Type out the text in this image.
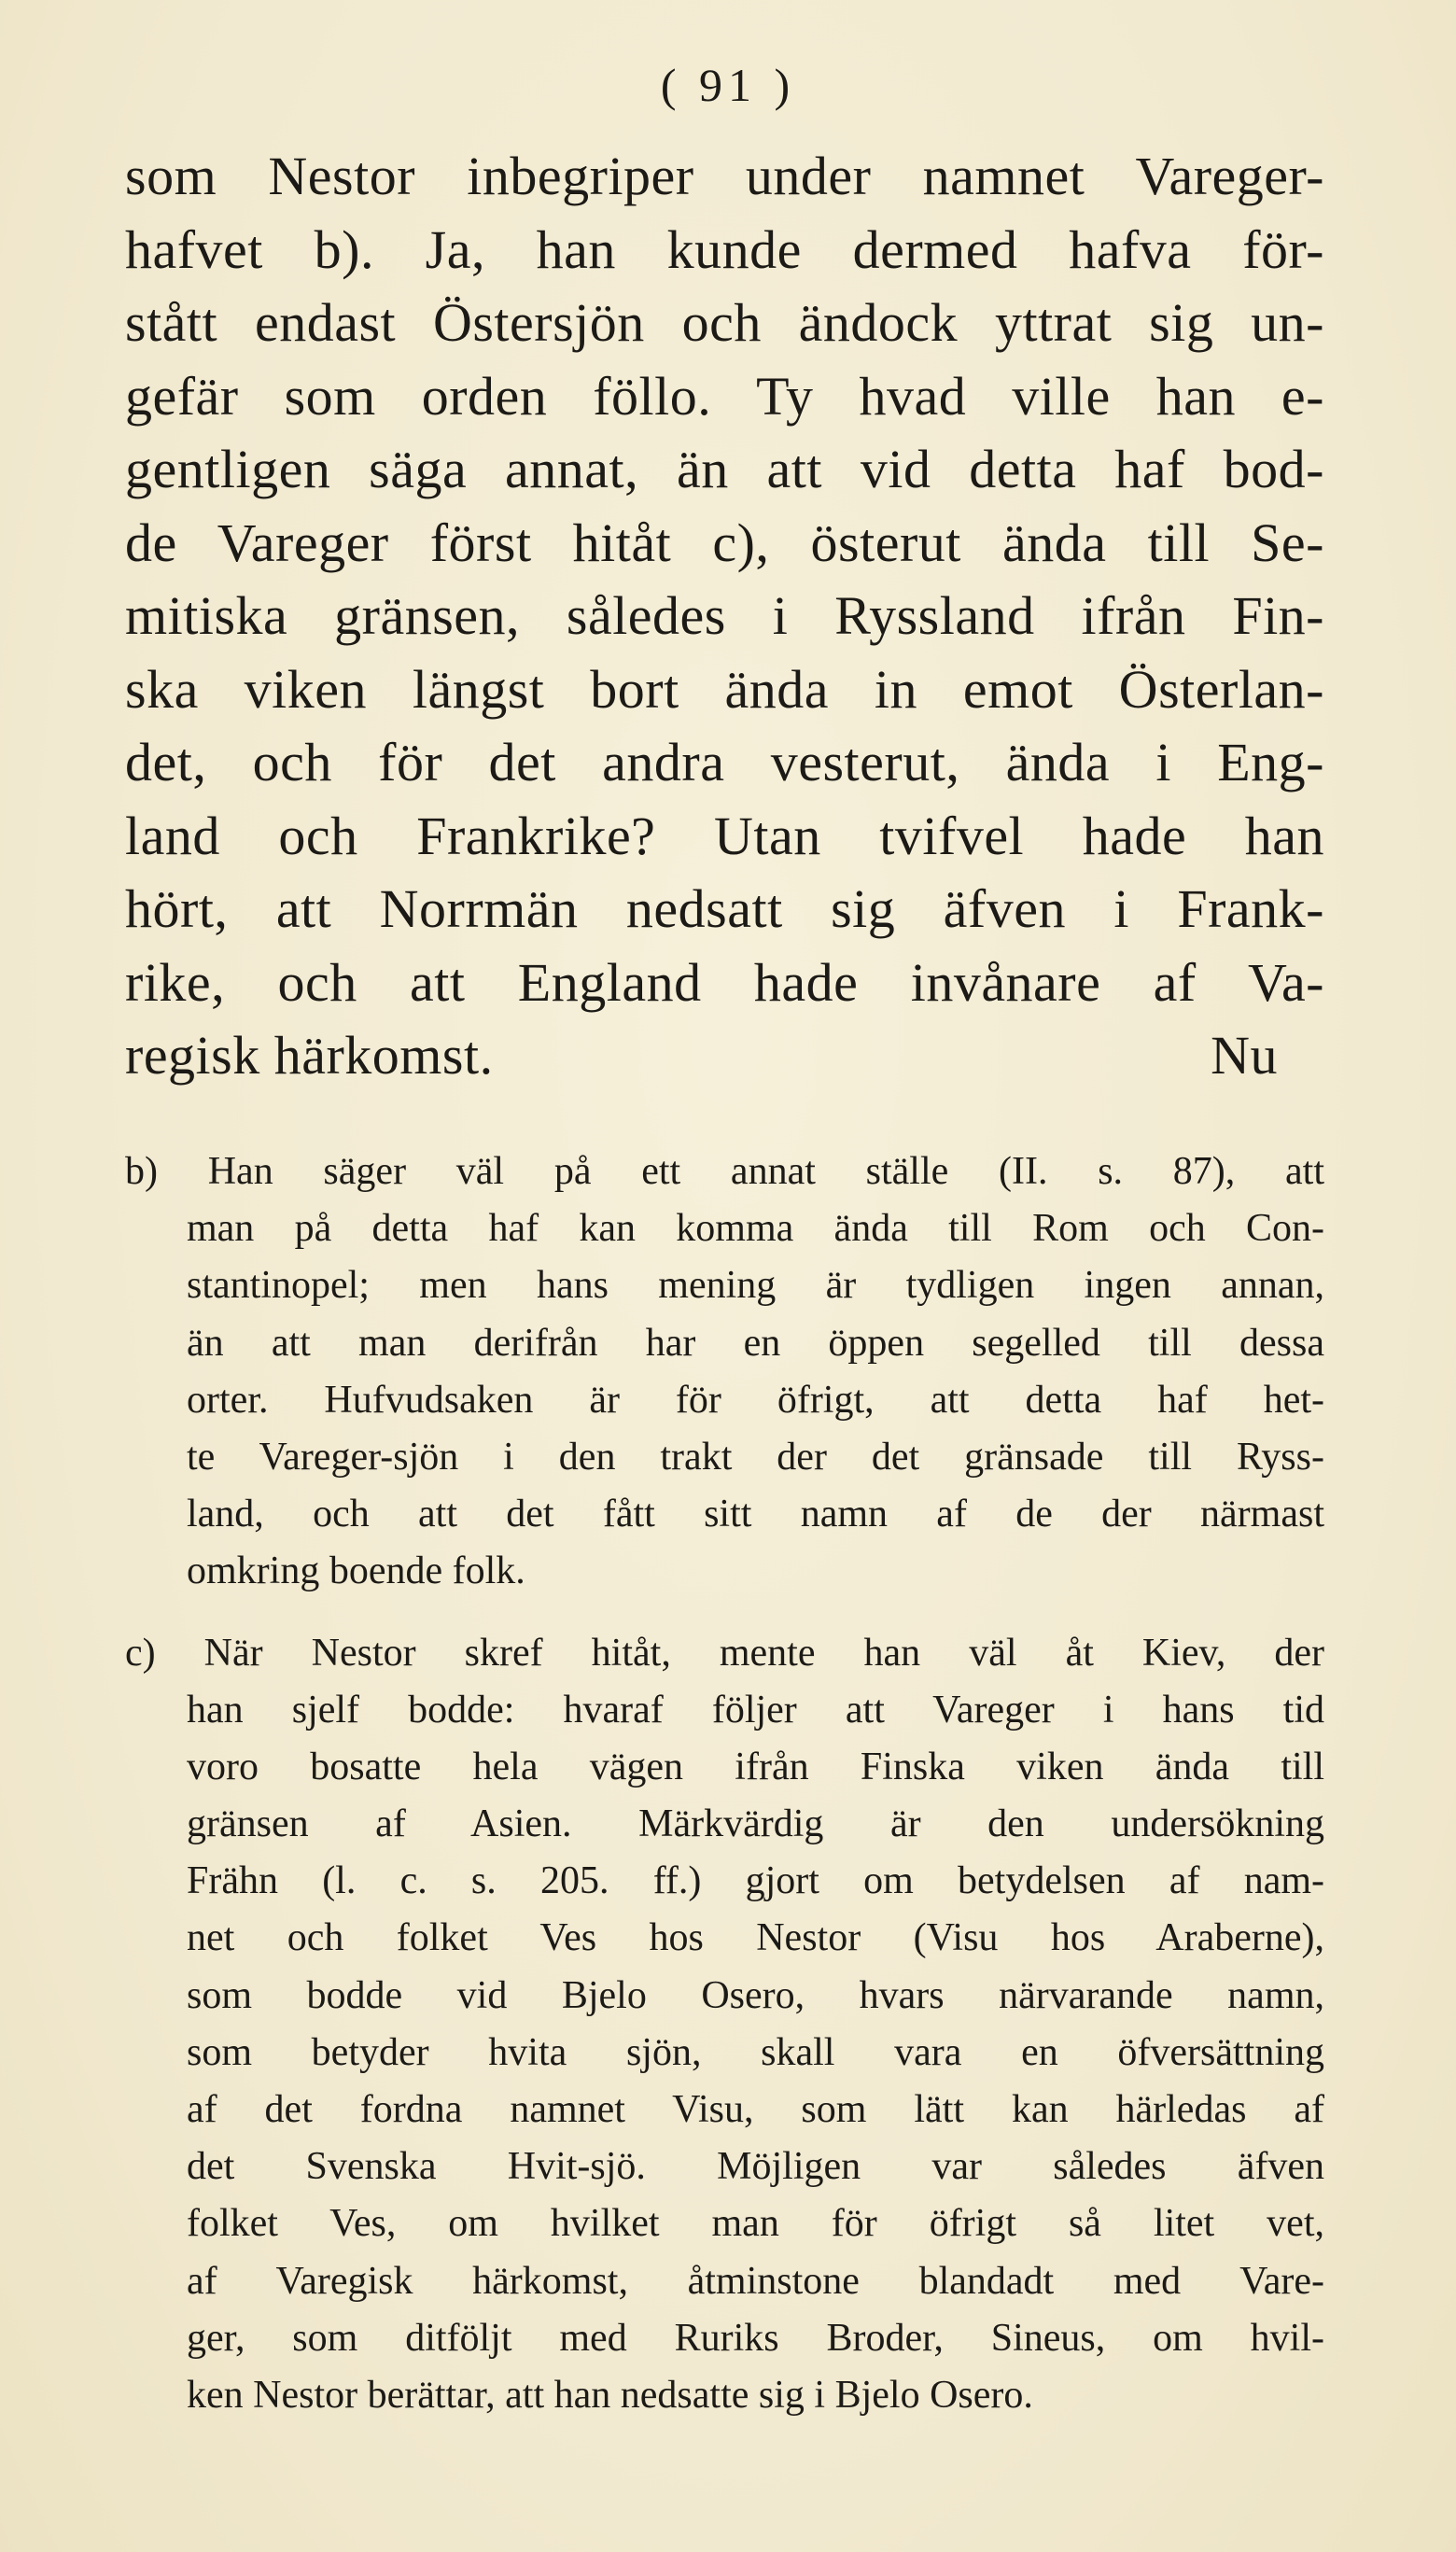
( 91 )
som Nestor inbegriper under namnet Vareger-
hafvet b). Ja, han kunde dermed hafva för-
stått endast Östersjön och ändock yttrat sig un-
gefär som orden föllo. Ty hvad ville han e-
gentligen säga annat, än att vid detta haf bod-
de Vareger först hitåt c), österut ända till Se-
mitiska gränsen, således i Ryssland ifrån Fin-
ska viken längst bort ända in emot Österlan-
det, och för det andra vesterut, ända i Eng-
land och Frankrike? Utan tvifvel hade han
hört, att Norrmän nedsatt sig äfven i Frank-
rike, och att England hade invånare af Va-
regisk härkomst.	Nu
b) Han säger väl på ett annat ställe (II. s. 87), att
man på detta haf kan komma ända till Rom och Con-
stantinopel; men hans mening är tydligen ingen annan,
än att man derifrån har en öppen segelled till dessa
orter. Hufvudsaken är för öfrigt, att detta haf het-
te Vareger-sjön i den trakt der det gränsade till Ryss-
land, och att det fått sitt namn af de der närmast
omkring boende folk.
c) När Nestor skref hitåt, mente han väl åt Kiev, der
han sjelf bodde: hvaraf följer att Vareger i hans tid
voro bosatte hela vägen ifrån Finska viken ända till
gränsen af Asien. Märkvärdig är den undersökning
Frähn (l. c. s. 205. ff.) gjort om betydelsen af nam-
net och folket Ves hos Nestor (Visu hos Araberne),
som bodde vid Bjelo Osero, hvars närvarande namn,
som betyder hvita sjön, skall vara en öfversättning
af det fordna namnet Visu, som lätt kan härledas af
det Svenska Hvit-sjö. Möjligen var således äfven
folket Ves, om hvilket man för öfrigt så litet vet,
af Varegisk härkomst, åtminstone blandadt med Vare-
ger, som ditföljt med Ruriks Broder, Sineus, om hvil-
ken Nestor berättar, att han nedsatte sig i Bjelo Osero.
